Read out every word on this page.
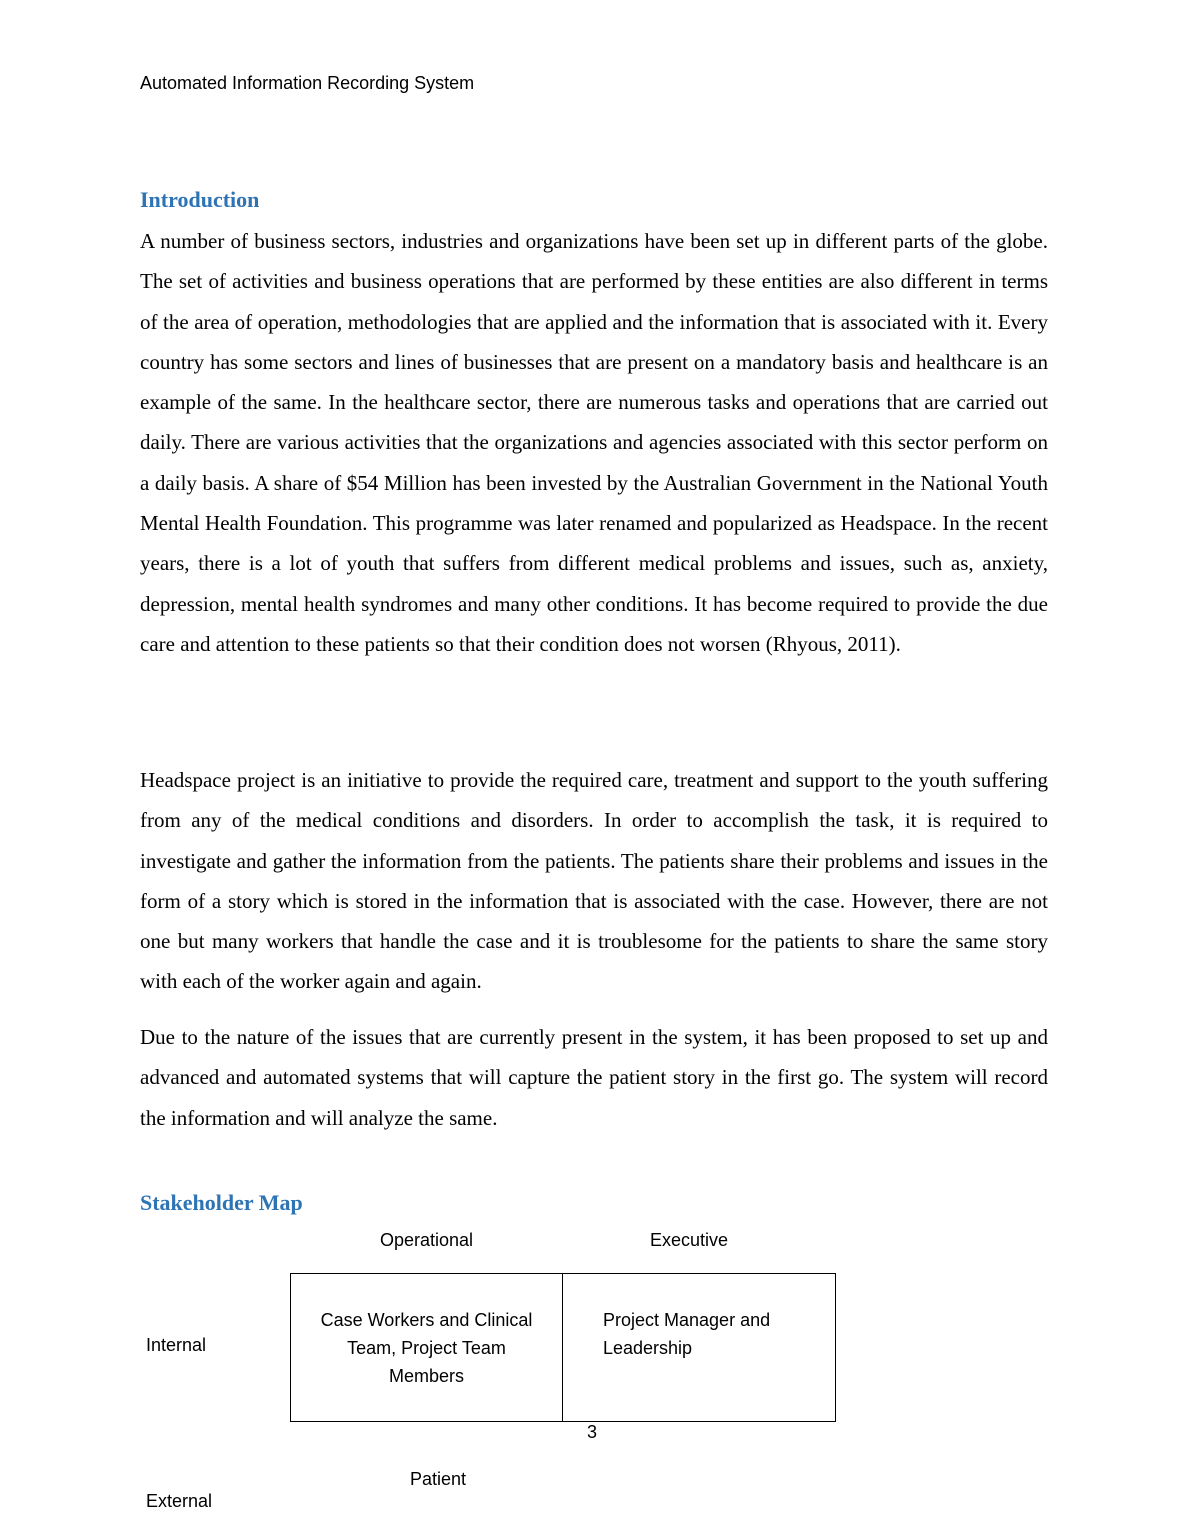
Automated Information Recording System
Introduction

A number of business sectors, industries and organizations have been set up in different parts of the globe. The set of activities and business operations that are performed by these entities are also different in terms of the area of operation, methodologies that are applied and the information that is associated with it. Every country has some sectors and lines of businesses that are present on a mandatory basis and healthcare is an example of the same. In the healthcare sector, there are numerous tasks and operations that are carried out daily. There are various activities that the organizations and agencies associated with this sector perform on a daily basis. A share of $54 Million has been invested by the Australian Government in the National Youth Mental Health Foundation. This programme was later renamed and popularized as Headspace. In the recent years, there is a lot of youth that suffers from different medical problems and issues, such as, anxiety, depression, mental health syndromes and many other conditions. It has become required to provide the due care and attention to these patients so that their condition does not worsen (Rhyous, 2011).

Headspace project is an initiative to provide the required care, treatment and support to the youth suffering from any of the medical conditions and disorders. In order to accomplish the task, it is required to investigate and gather the information from the patients. The patients share their problems and issues in the form of a story which is stored in the information that is associated with the case. However, there are not one but many workers that handle the case and it is troublesome for the patients to share the same story with each of the worker again and again.

Due to the nature of the issues that are currently present in the system, it has been proposed to set up and advanced and automated systems that will capture the patient story in the first go. The system will record the information and will analyze the same.

Stakeholder Map
Operational	Executive
Internal
Case Workers and Clinical Team, Project Team Members
Project Manager and Leadership
Patient
External
3
